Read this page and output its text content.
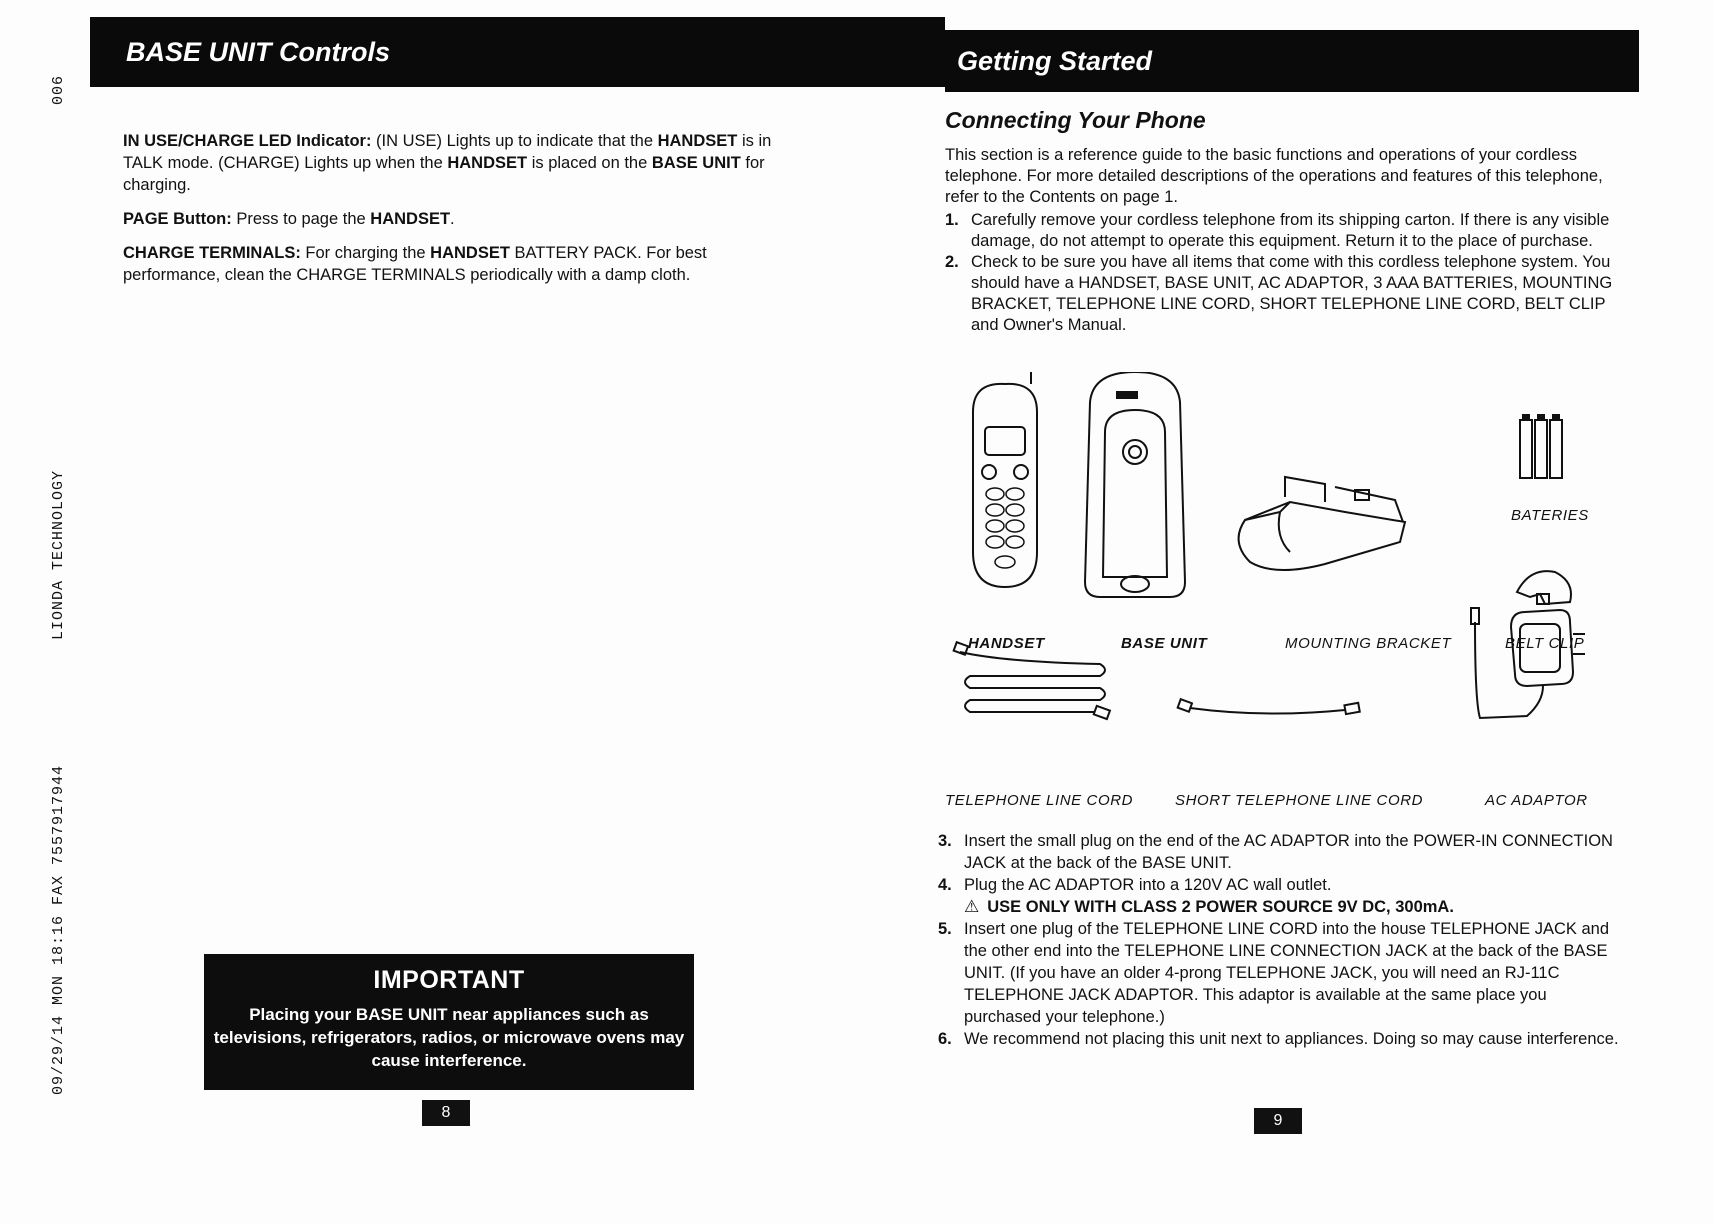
09/29/14 MON 18:16 FAX 7557917944
LIONDA TECHNOLOGY
006
BASE UNIT Controls

IN USE/CHARGE LED Indicator: (IN USE) Lights up to indicate that the HANDSET is in TALK mode. (CHARGE) Lights up when the HANDSET is placed on the BASE UNIT for charging.

PAGE Button: Press to page the HANDSET.

CHARGE TERMINALS: For charging the HANDSET BATTERY PACK. For best performance, clean the CHARGE TERMINALS periodically with a damp cloth.

IMPORTANT
Placing your BASE UNIT near appliances such as televisions, refrigerators, radios, or microwave ovens may cause interference.
8
Getting Started
Connecting Your Phone

This section is a reference guide to the basic functions and operations of your cordless telephone. For more detailed descriptions of the operations and features of this telephone, refer to the Contents on page 1.

1. Carefully remove your cordless telephone from its shipping carton. If there is any visible damage, do not attempt to operate this equipment. Return it to the place of purchase.
2. Check to be sure you have all items that come with this cordless telephone system. You should have a HANDSET, BASE UNIT, AC ADAPTOR, 3 AAA BATTERIES, MOUNTING BRACKET, TELEPHONE LINE CORD, SHORT TELEPHONE LINE CORD, BELT CLIP and Owner's Manual.
HANDSET	BASE UNIT	MOUNTING BRACKET	BELT CLIP
BATERIES
TELEPHONE LINE CORD	SHORT TELEPHONE LINE CORD	AC ADAPTOR
3. Insert the small plug on the end of the AC ADAPTOR into the POWER-IN CONNECTION JACK at the back of the BASE UNIT.
4. Plug the AC ADAPTOR into a 120V AC wall outlet.
⚠ USE ONLY WITH CLASS 2 POWER SOURCE 9V DC, 300mA.
5. Insert one plug of the TELEPHONE LINE CORD into the house TELEPHONE JACK and the other end into the TELEPHONE LINE CONNECTION JACK at the back of the BASE UNIT. (If you have an older 4-prong TELEPHONE JACK, you will need an RJ-11C TELEPHONE JACK ADAPTOR. This adaptor is available at the same place you purchased your telephone.)
6. We recommend not placing this unit next to appliances. Doing so may cause interference.
9
